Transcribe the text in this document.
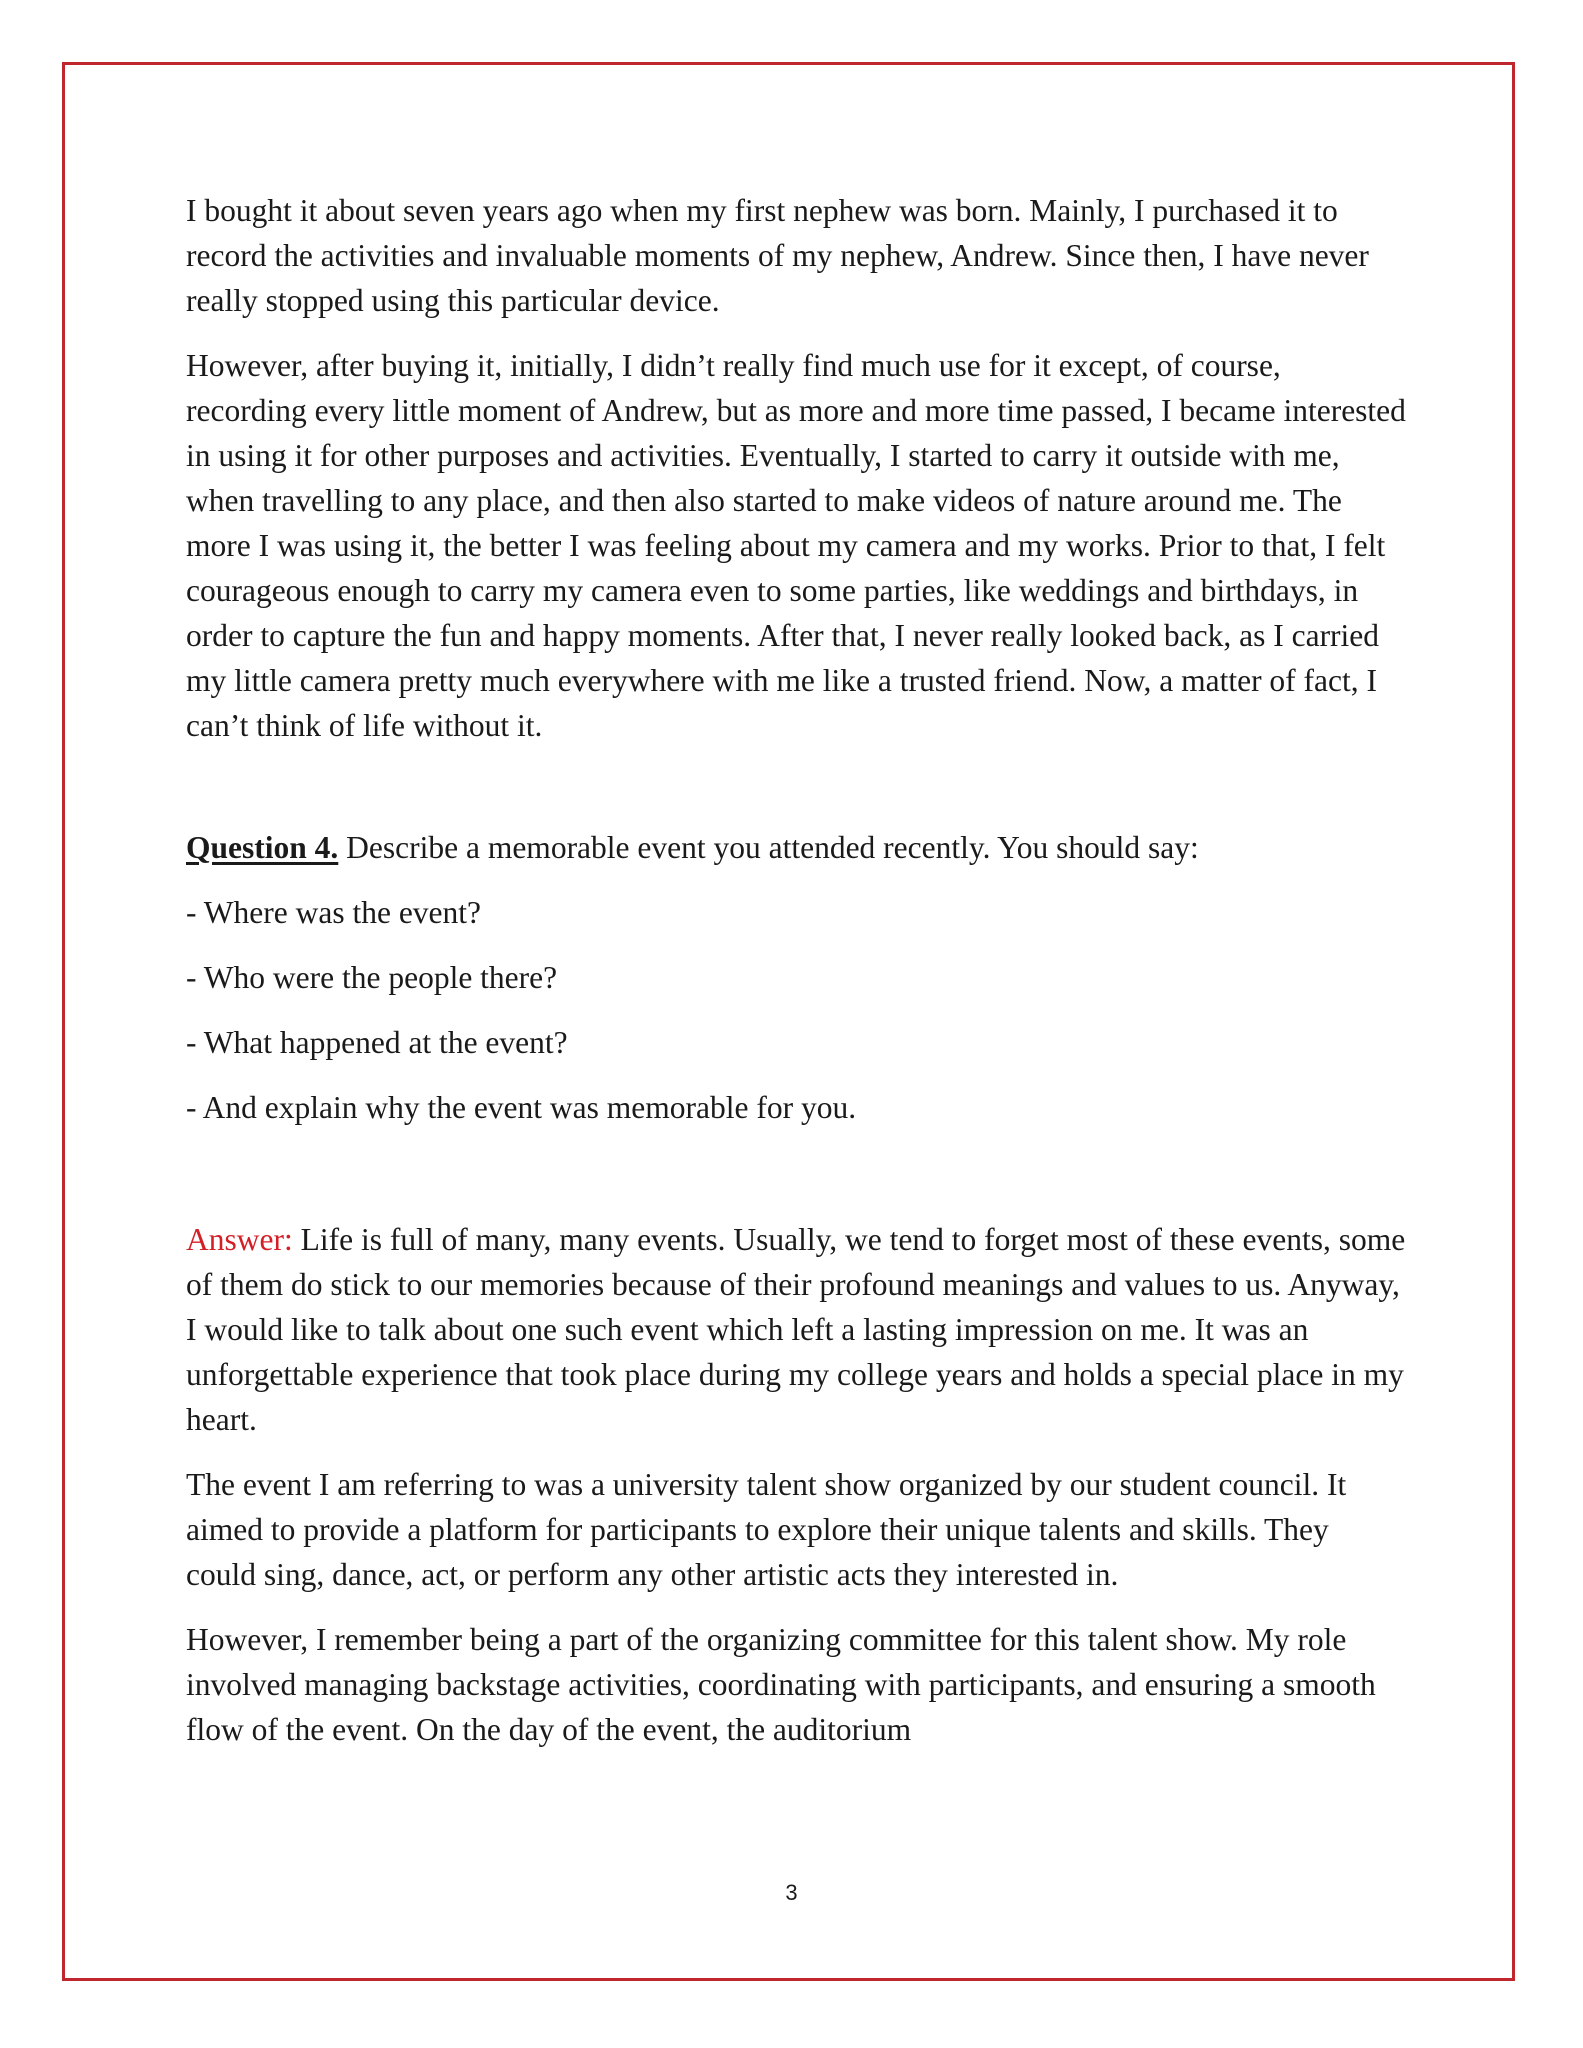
I bought it about seven years ago when my first nephew was born. Mainly, I purchased it to record the activities and invaluable moments of my nephew, Andrew. Since then, I have never really stopped using this particular device.

However, after buying it, initially, I didn’t really find much use for it except, of course, recording every little moment of Andrew, but as more and more time passed, I became interested in using it for other purposes and activities. Eventually, I started to carry it outside with me, when travelling to any place, and then also started to make videos of nature around me. The more I was using it, the better I was feeling about my camera and my works. Prior to that, I felt courageous enough to carry my camera even to some parties, like weddings and birthdays, in order to capture the fun and happy moments. After that, I never really looked back, as I carried my little camera pretty much everywhere with me like a trusted friend. Now, a matter of fact, I can’t think of life without it.

Question 4. Describe a memorable event you attended recently. You should say:

- Where was the event?

- Who were the people there?

- What happened at the event?

- And explain why the event was memorable for you.

Answer: Life is full of many, many events. Usually, we tend to forget most of these events, some of them do stick to our memories because of their profound meanings and values to us. Anyway, I would like to talk about one such event which left a lasting impression on me. It was an unforgettable experience that took place during my college years and holds a special place in my heart.

The event I am referring to was a university talent show organized by our student council. It aimed to provide a platform for participants to explore their unique talents and skills. They could sing, dance, act, or perform any other artistic acts they interested in.

However, I remember being a part of the organizing committee for this talent show. My role involved managing backstage activities, coordinating with participants, and ensuring a smooth flow of the event. On the day of the event, the auditorium

3
